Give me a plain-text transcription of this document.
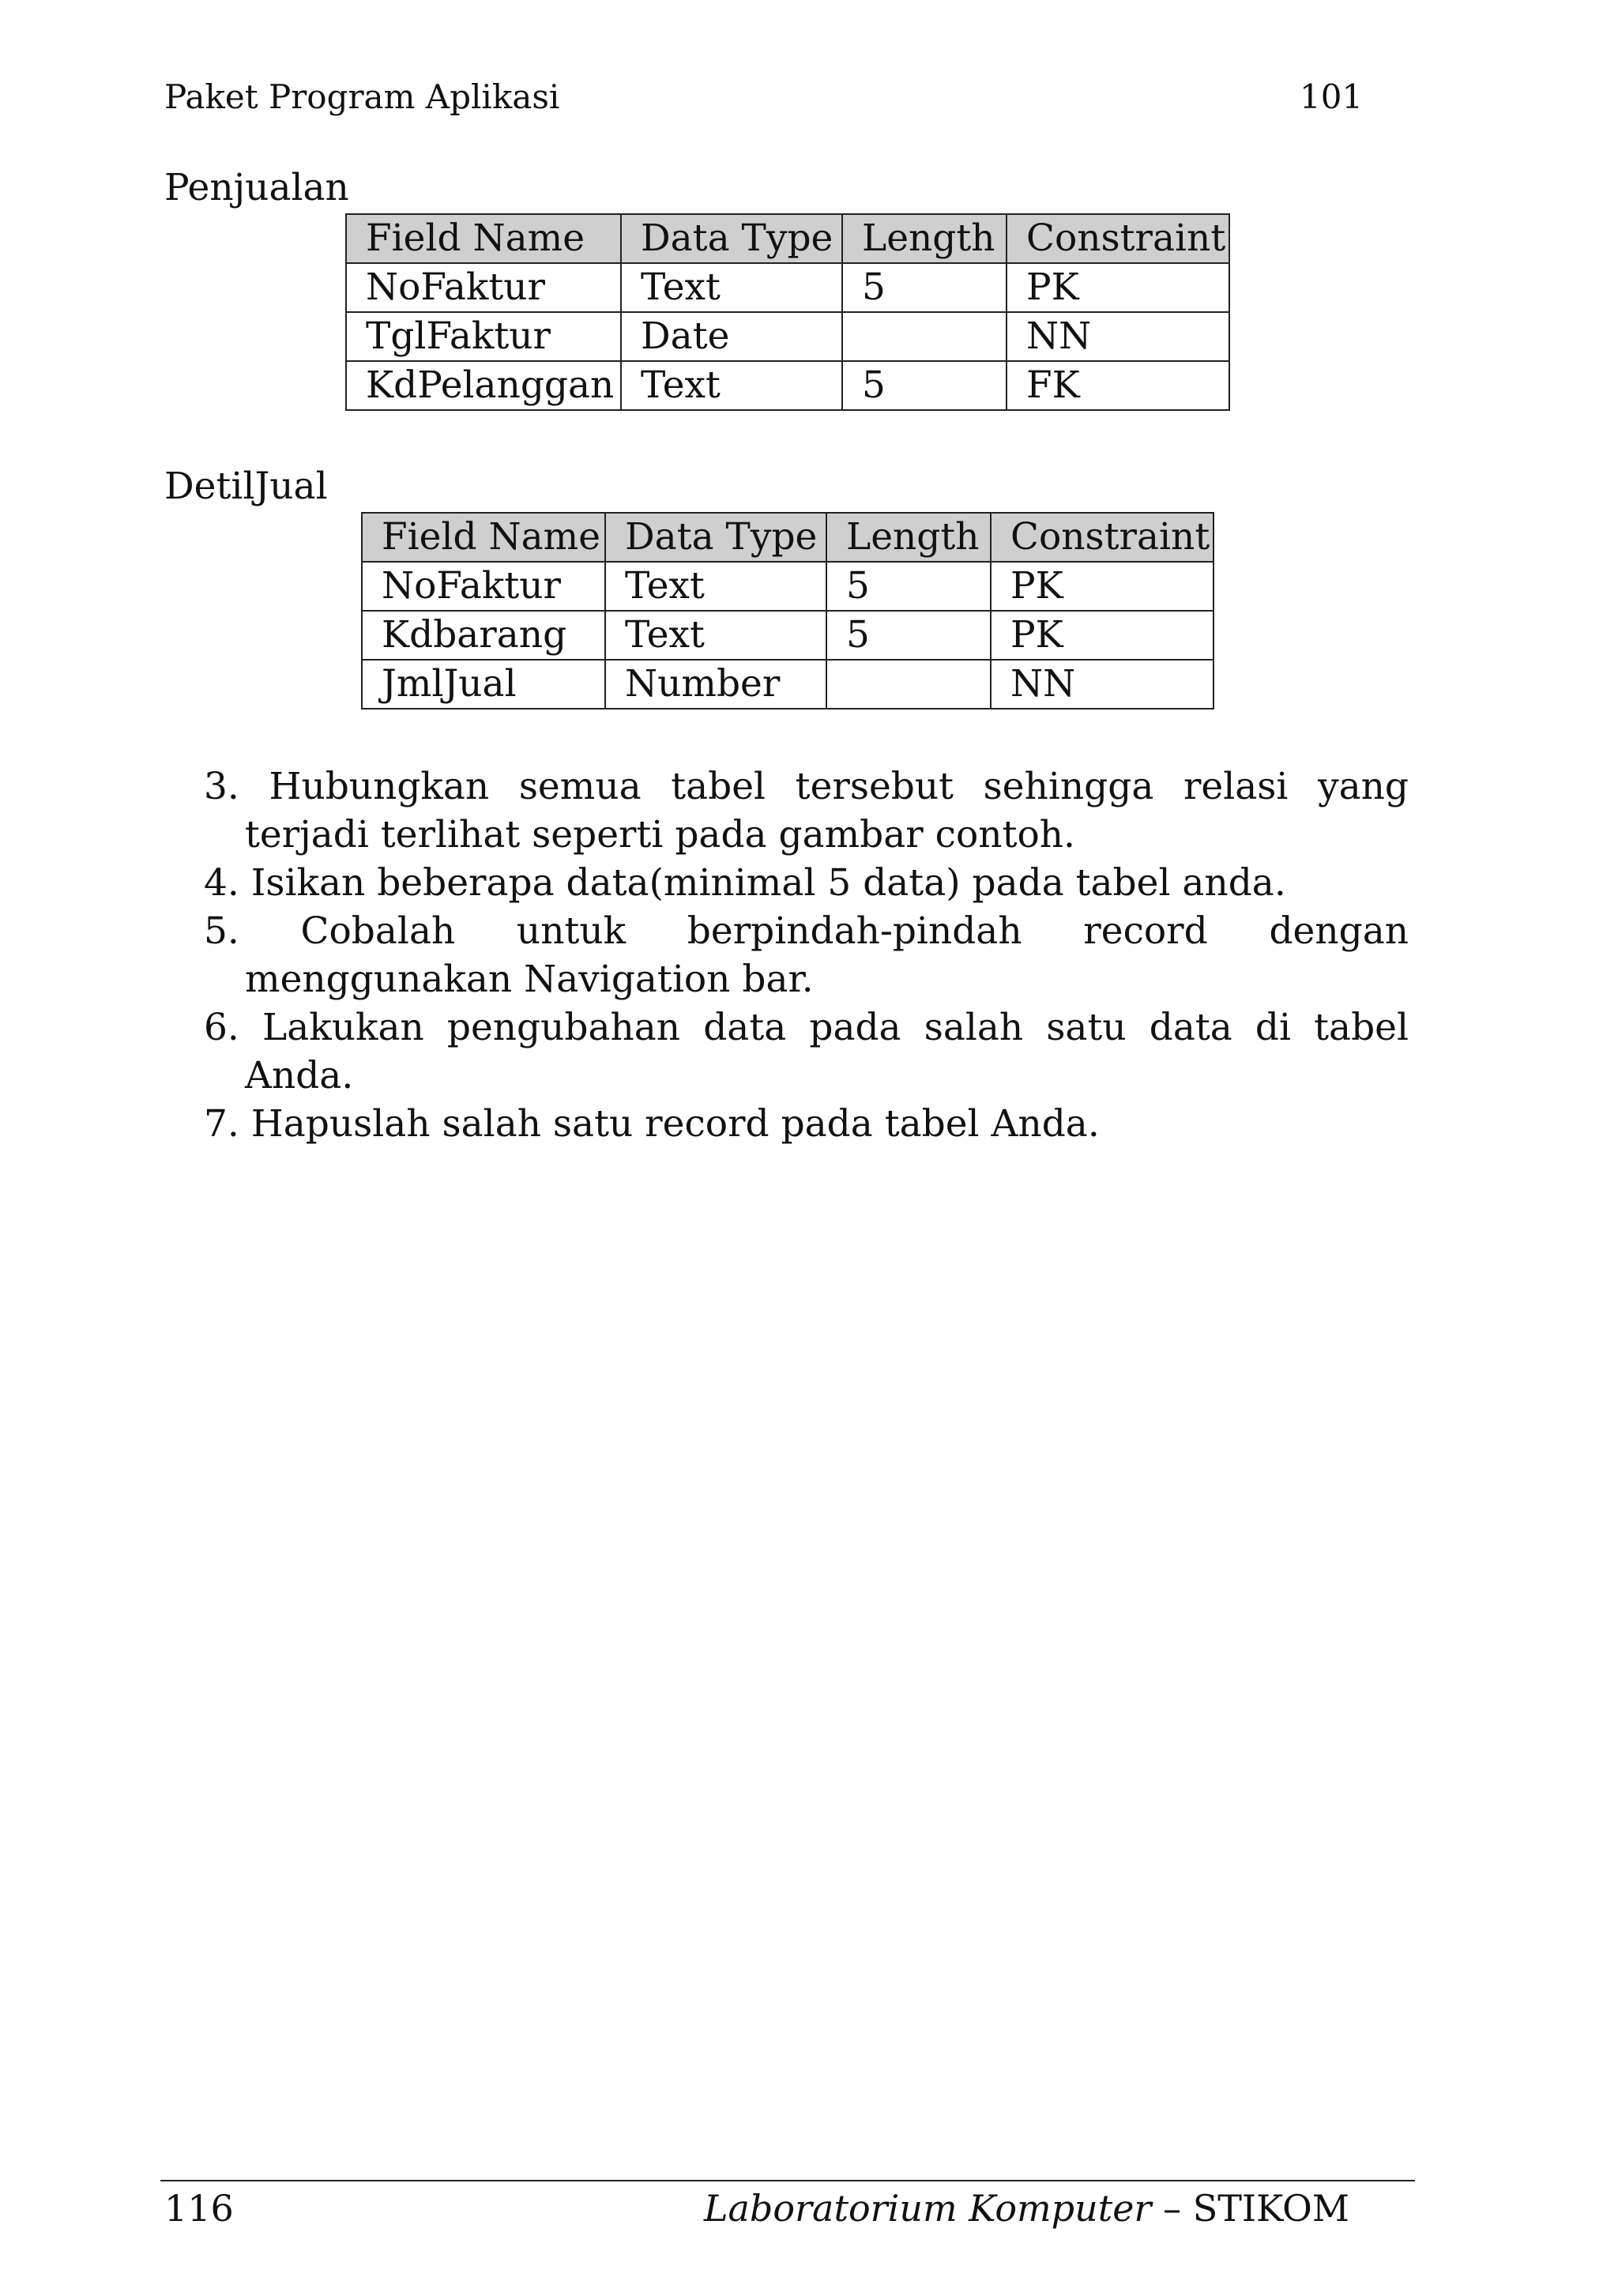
Paket Program Aplikasi	101
Penjualan
Field Name	Data Type	Length	Constraint
NoFaktur	Text	5	PK
TglFaktur	Date		NN
KdPelanggan	Text	5	FK
DetilJual
Field Name	Data Type	Length	Constraint
NoFaktur	Text	5	PK
Kdbarang	Text	5	PK
JmlJual	Number		NN
3. Hubungkan semua tabel tersebut sehingga relasi yang terjadi terlihat seperti pada gambar contoh.
4. Isikan beberapa data(minimal 5 data) pada tabel anda.
5. Cobalah untuk berpindah-pindah record dengan menggunakan Navigation bar.
6. Lakukan pengubahan data pada salah satu data di tabel Anda.
7. Hapuslah salah satu record pada tabel Anda.
116	Laboratorium Komputer – STIKOM
